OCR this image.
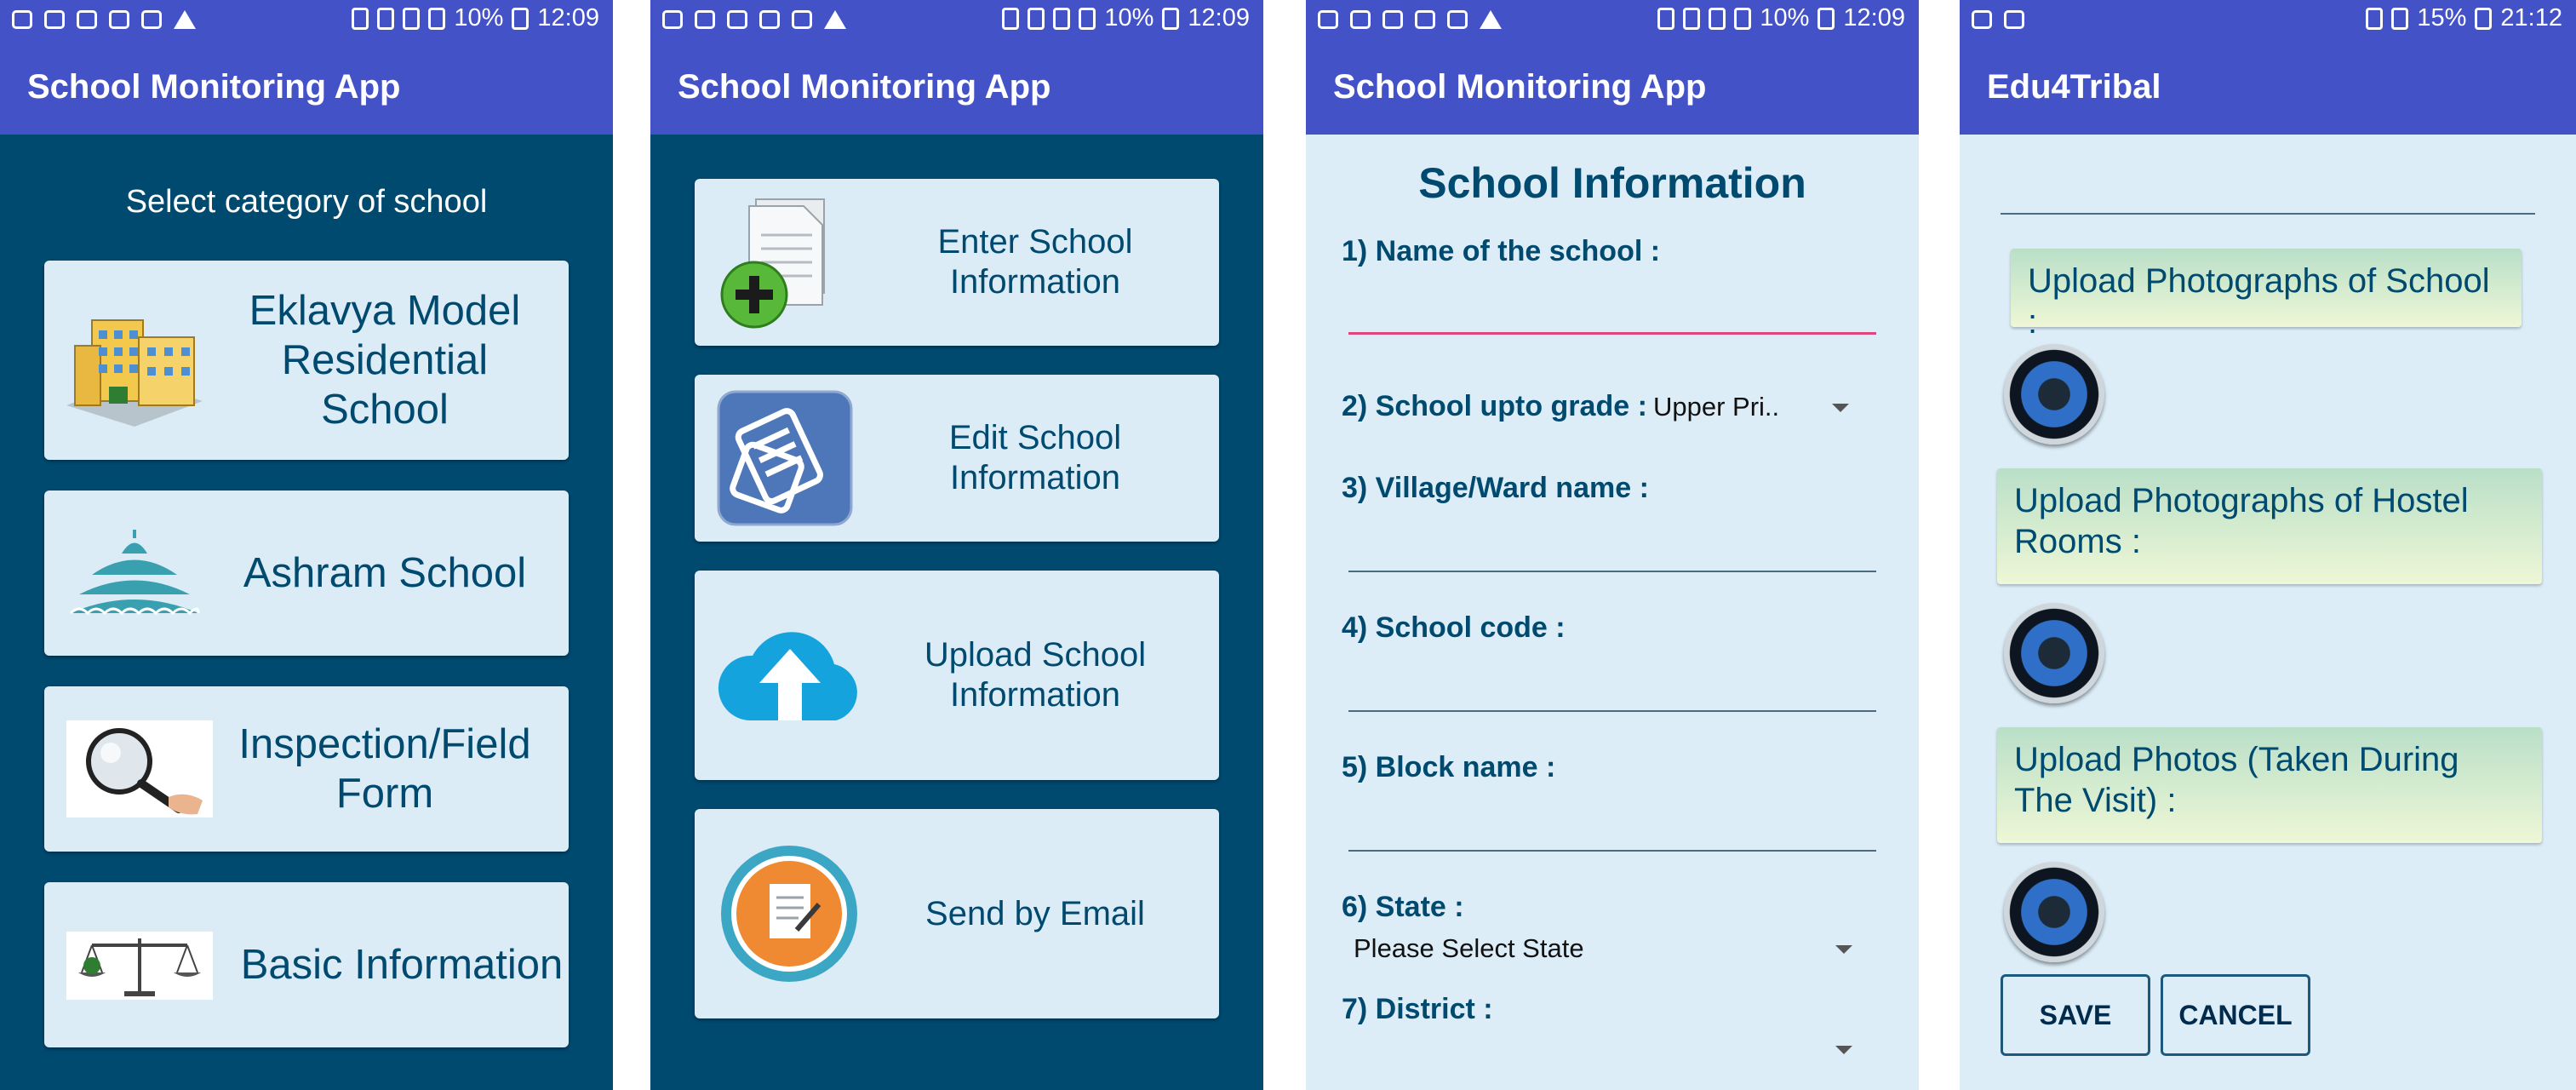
10% 12:09
School Monitoring App
Select category of school
Eklavya Model Residential School
Ashram School
Inspection/Field Form
Basic Information
10% 12:09
School Monitoring App
Enter School Information
Edit School Information
Upload School Information
Send by Email
10% 12:09
School Monitoring App
School Information
1) Name of the school :
2) School upto grade : Upper Pri..
3) Village/Ward name :
4) School code :
5) Block name :
6) State :
Please Select State
7) District :
15% 21:12
Edu4Tribal
Upload Photographs of School :
Upload Photographs of Hostel Rooms :
Upload Photos (Taken During The Visit) :
SAVE CANCEL
